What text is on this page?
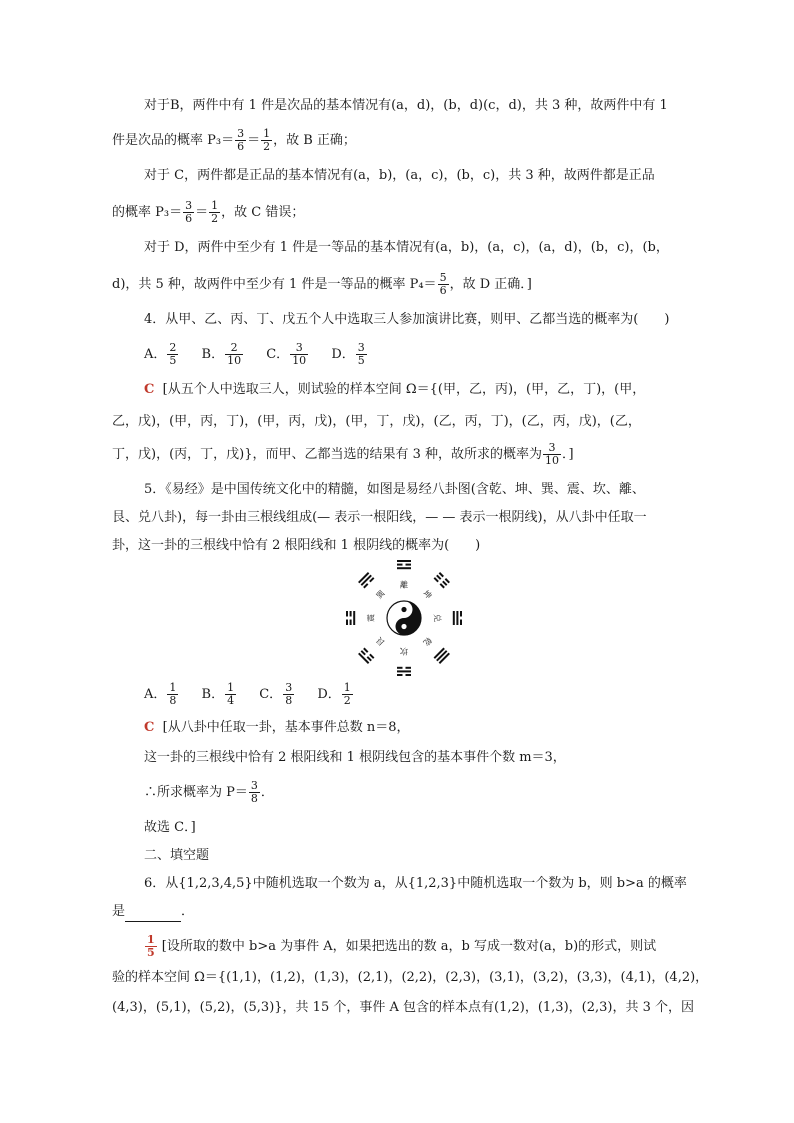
对于B，两件中有 1 件是次品的基本情况有(a，d)，(b，d)(c，d)，共 3 种，故两件中有 1
件是次品的概率 $P_3= \frac{3}{6} = \frac{1}{2}$ ，故 B 正确；
对于 C，两件都是正品的基本情况有(a，b)，(a，c)，(b，c)，共 3 种，故两件都是正品
的概率 $P_3= \frac{3}{6} = \frac{1}{2}$ ，故 C 错误；
对于 D，两件中至少有 1 件是一等品的基本情况有(a，b)，(a，c)，(a，d)，(b，c)，(b，
d)，共 5 种，故两件中至少有 1 件是一等品的概率 $P_4= \frac{5}{6}$ ，故 D 正确．]
4．从甲、乙、丙、丁、戊五个人中选取三人参加演讲比赛，则甲、乙都当选的概率为(　　)
A． $\frac{2}{5}$ B． $\frac{2}{10}$ C． $\frac{3}{10}$ D． $\frac{3}{5}$
C [从五个人中选取三人，则试验的样本空间 Ω＝{(甲，乙，丙)，(甲，乙，丁)，(甲，
乙，戊)，(甲，丙，丁)，(甲，丙，戊)，(甲，丁，戊)，(乙，丙，丁)，(乙，丙，戊)，(乙，
丁，戊)，(丙，丁，戊)}，而甲、乙都当选的结果有 3 种，故所求的概率为 $\frac{3}{10}$ ．]
5．《易经》是中国传统文化中的精髓，如图是易经八卦图(含乾、坤、巽、震、坎、離、
艮、兑八卦)，每一卦由三根线组成(— 表示一根阳线，— — 表示一根阴线)，从八卦中任取一
卦，这一卦的三根线中恰有 2 根阳线和 1 根阴线的概率为(　　)
離
坤
兑
乾
坎
艮
震
巽
A． $\frac{1}{8}$ B． $\frac{1}{4}$ C． $\frac{3}{8}$ D． $\frac{1}{2}$
C [从八卦中任取一卦，基本事件总数 n＝8，
这一卦的三根线中恰有 2 根阳线和 1 根阴线包含的基本事件个数 m＝3，
∴所求概率为 $P= \frac{3}{8}$ ．
故选 C．]
二、填空题
6．从{1,2,3,4,5}中随机选取一个数为 a，从{1,2,3}中随机选取一个数为 b，则 b>a 的概率
是	．
$\frac{1}{5}$ [设所取的数中 b>a 为事件 A，如果把选出的数 a，b 写成一数对(a，b)的形式，则试
验的样本空间 Ω＝{(1,1)，(1,2)，(1,3)，(2,1)，(2,2)，(2,3)，(3,1)，(3,2)，(3,3)，(4,1)，(4,2)，
(4,3)，(5,1)，(5,2)，(5,3)}，共 15 个，事件 A 包含的样本点有(1,2)，(1,3)，(2,3)，共 3 个，因
